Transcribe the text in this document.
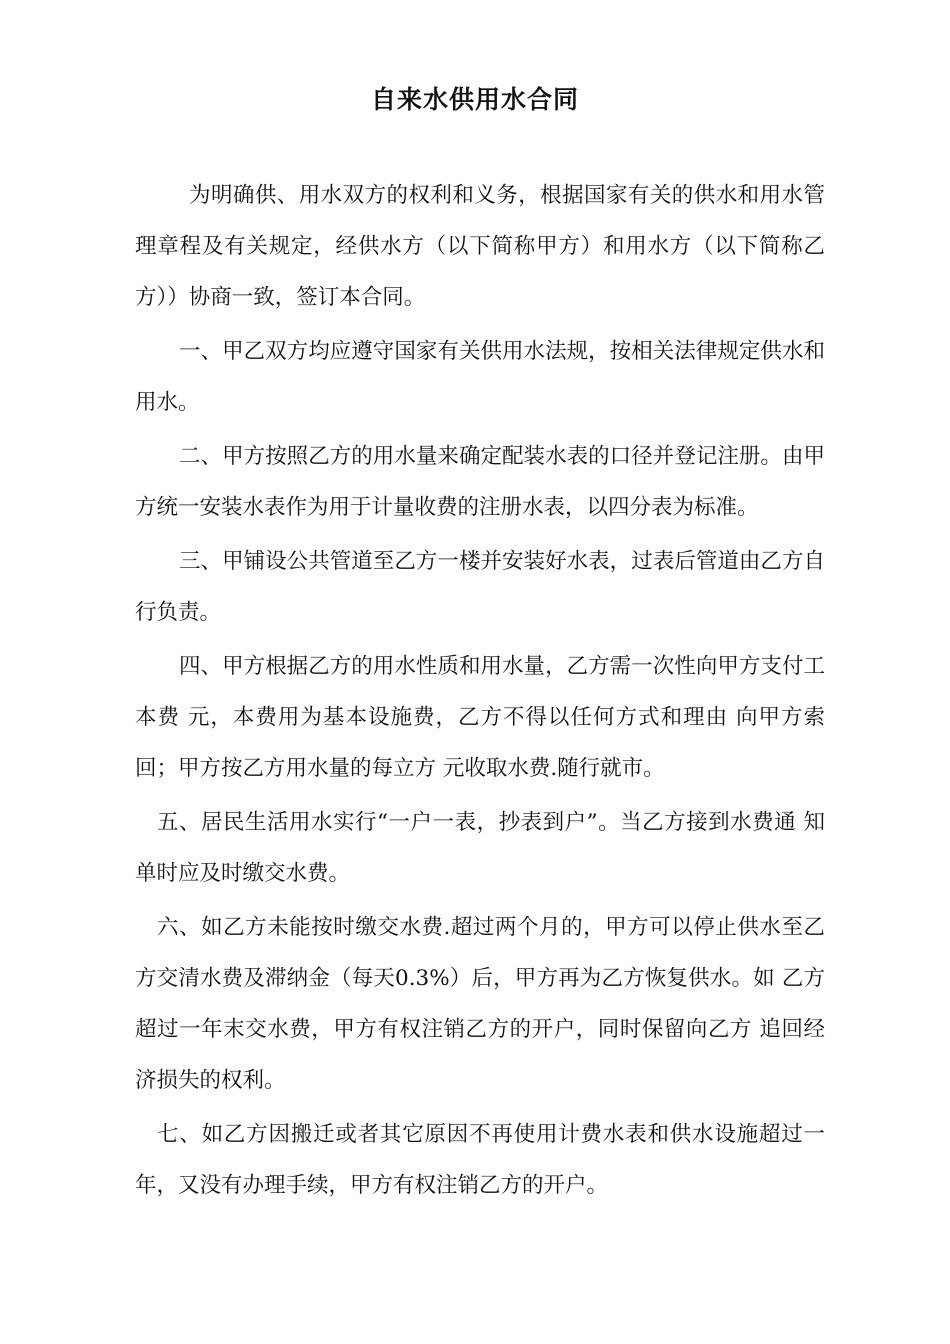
自来水供用水合同

为明确供、用水双方的权利和义务，根据国家有关的供水和用水管理章程及有关规定，经供水方（以下简称甲方）和用水方（以下简称乙 方））协商一致，签订本合同。

一、甲乙双方均应遵守国家有关供用水法规，按相关法律规定供水和用水。

二、甲方按照乙方的用水量来确定配装水表的口径并登记注册。由甲方统一安装水表作为用于计量收费的注册水表，以四分表为标准。

三、甲铺设公共管道至乙方一楼并安装好水表，过表后管道由乙方自行负责。

四、甲方根据乙方的用水性质和用水量，乙方需一次性向甲方支付工本费 元，本费用为基本设施费，乙方不得以任何方式和理由 向甲方索回；甲方按乙方用水量的每立方 元收取水费.随行就市。

五、居民生活用水实行“一户一表，抄表到户”。当乙方接到水费通 知单时应及时缴交水费。

六、如乙方未能按时缴交水费.超过两个月的，甲方可以停止供水至乙方交清水费及滞纳金（每天0.3%）后，甲方再为乙方恢复供水。如 乙方超过一年末交水费，甲方有权注销乙方的开户，同时保留向乙方 追回经济损失的权利。

七、如乙方因搬迁或者其它原因不再使用计费水表和供水设施超过一年，又没有办理手续，甲方有权注销乙方的开户。
